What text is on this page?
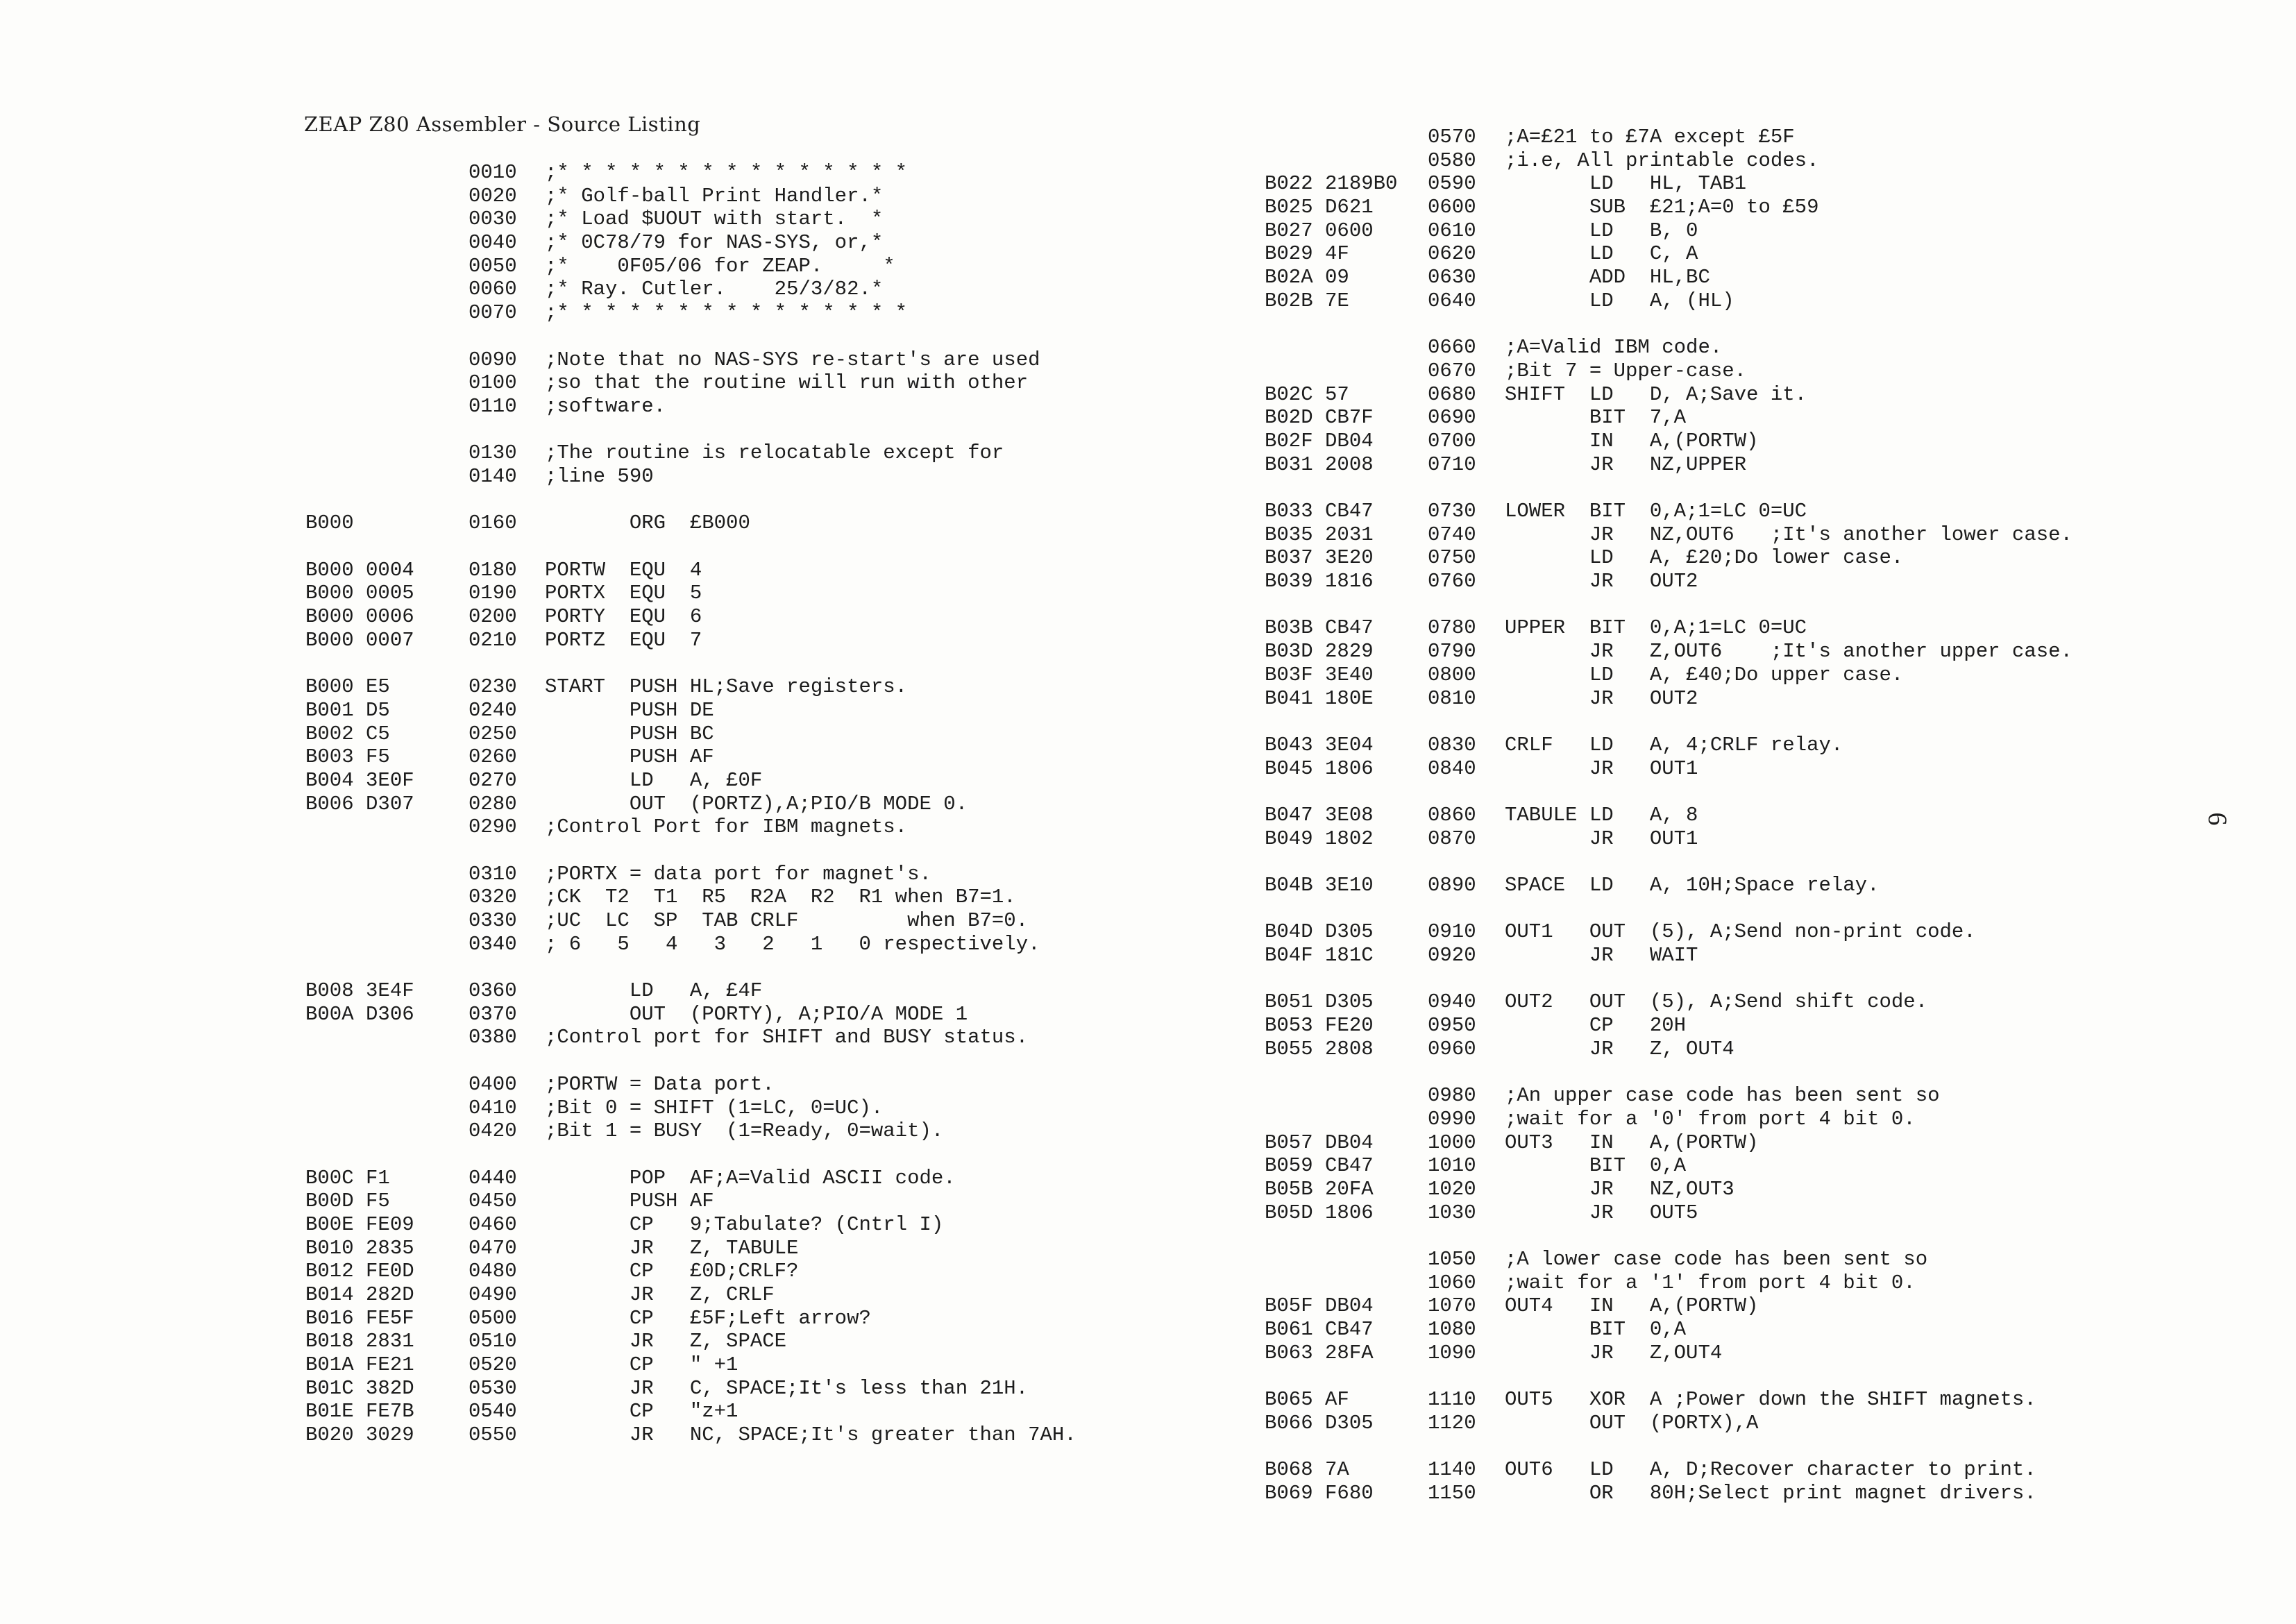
ZEAP Z80 Assembler - Source Listing
0010 ;* * * * * * * * * * * * * * *
0020 ;* Golf-ball Print Handler.*
0030 ;* Load $UOUT with start.  *
0040 ;* 0C78/79 for NAS-SYS, or,*
0050 ;*    0F05/06 for ZEAP.     *
0060 ;* Ray. Cutler.    25/3/82.*
0070 ;* * * * * * * * * * * * * * *
0090 ;Note that no NAS-SYS re-start's are used
0100 ;so that the routine will run with other
0110 ;software.
0130 ;The routine is relocatable except for
0140 ;line 590
B000	0160 ORG  £B000
B000 0004	0180 PORTW  EQU  4
B000 0005	0190 PORTX  EQU  5
B000 0006	0200 PORTY  EQU  6
B000 0007	0210 PORTZ  EQU  7
B000 E5	0230 START  PUSH HL;Save registers.
B001 D5	0240 PUSH DE
B002 C5	0250 PUSH BC
B003 F5	0260 PUSH AF
B004 3E0F	0270 LD   A, £0F
B006 D307	0280 OUT  (PORTZ),A;PIO/B MODE 0.
0290 ;Control Port for IBM magnets.
0310 ;PORTX = data port for magnet's.
0320 ;CK  T2  T1  R5  R2A  R2  R1 when B7=1.
0330 ;UC  LC  SP  TAB CRLF         when B7=0.
0340 ; 6   5   4   3   2   1   0 respectively.
B008 3E4F	0360 LD   A, £4F
B00A D306	0370 OUT  (PORTY), A;PIO/A MODE 1
0380 ;Control port for SHIFT and BUSY status.
0400 ;PORTW = Data port.
0410 ;Bit 0 = SHIFT (1=LC, 0=UC).
0420 ;Bit 1 = BUSY  (1=Ready, 0=wait).
B00C F1	0440 POP  AF;A=Valid ASCII code.
B00D F5	0450 PUSH AF
B00E FE09	0460 CP   9;Tabulate? (Cntrl I)
B010 2835	0470 JR   Z, TABULE
B012 FE0D	0480 CP   £0D;CRLF?
B014 282D	0490 JR   Z, CRLF
B016 FE5F	0500 CP   £5F;Left arrow?
B018 2831	0510 JR   Z, SPACE
B01A FE21	0520 CP   " +1
B01C 382D	0530 JR   C, SPACE;It's less than 21H.
B01E FE7B	0540 CP   "z+1
B020 3029	0550 JR   NC, SPACE;It's greater than 7AH.
0570 ;A=£21 to £7A except £5F
0580 ;i.e, All printable codes.
B022 2189B0 0590 LD   HL, TAB1
B025 D621	0600 SUB  £21;A=0 to £59
B027 0600	0610 LD   B, 0
B029 4F	0620 LD   C, A
B02A 09	0630 ADD  HL,BC
B02B 7E	0640 LD   A, (HL)
0660 ;A=Valid IBM code.
0670 ;Bit 7 = Upper-case.
B02C 57	0680 SHIFT  LD   D, A;Save it.
B02D CB7F	0690 BIT  7,A
B02F DB04	0700 IN   A,(PORTW)
B031 2008	0710 JR   NZ,UPPER
B033 CB47	0730 LOWER  BIT  0,A;1=LC 0=UC
B035 2031	0740 JR   NZ,OUT6   ;It's another lower case.
B037 3E20	0750 LD   A, £20;Do lower case.
B039 1816	0760 JR   OUT2
B03B CB47	0780 UPPER  BIT  0,A;1=LC 0=UC
B03D 2829	0790 JR   Z,OUT6    ;It's another upper case.
B03F 3E40	0800 LD   A, £40;Do upper case.
B041 180E	0810 JR   OUT2
B043 3E04	0830 CRLF   LD   A, 4;CRLF relay.
B045 1806	0840 JR   OUT1
B047 3E08	0860 TABULE LD   A, 8
B049 1802	0870 JR   OUT1
B04B 3E10	0890 SPACE  LD   A, 10H;Space relay.
B04D D305	0910 OUT1   OUT  (5), A;Send non-print code.
B04F 181C	0920 JR   WAIT
B051 D305	0940 OUT2   OUT  (5), A;Send shift code.
B053 FE20	0950 CP   20H
B055 2808	0960 JR   Z, OUT4
0980 ;An upper case code has been sent so
0990 ;wait for a '0' from port 4 bit 0.
B057 DB04	1000 OUT3   IN   A,(PORTW)
B059 CB47	1010 BIT  0,A
B05B 20FA	1020 JR   NZ,OUT3
B05D 1806	1030 JR   OUT5
1050 ;A lower case code has been sent so
1060 ;wait for a '1' from port 4 bit 0.
B05F DB04	1070 OUT4   IN   A,(PORTW)
B061 CB47	1080 BIT  0,A
B063 28FA	1090 JR   Z,OUT4
B065 AF	1110 OUT5   XOR  A ;Power down the SHIFT magnets.
B066 D305	1120 OUT  (PORTX),A
B068 7A	1140 OUT6   LD   A, D;Recover character to print.
B069 F680	1150 OR   80H;Select print magnet drivers.
6
